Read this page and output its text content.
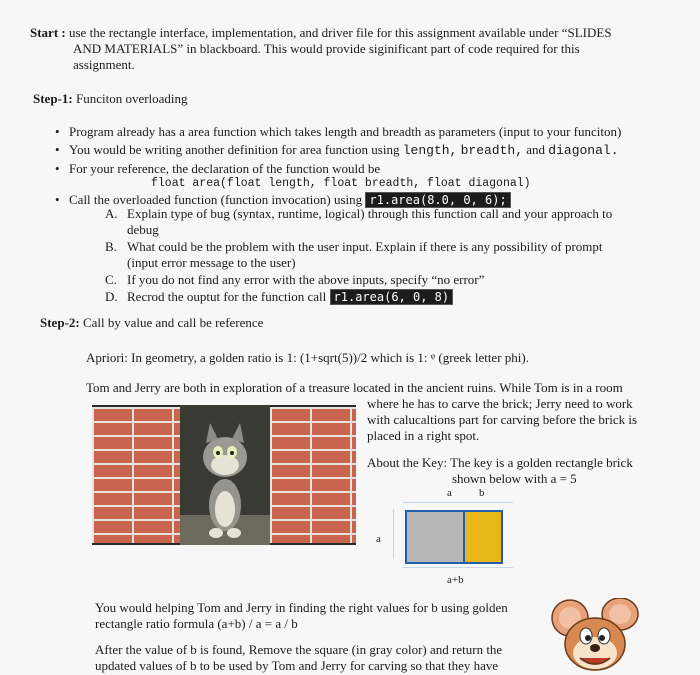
Start : use the rectangle interface, implementation, and driver file for this assignment available under “SLIDES
AND MATERIALS” in blackboard. This would provide siginificant part of code required for this
assignment.
Step-1: Funciton overloading
• Program already has a area function which takes length and breadth as parameters (input to your funciton)
• You would be writing another definition for area function using length, breadth, and diagonal.
• For your reference, the declaration of the function would be
float area(float length, float breadth, float diagonal)
• Call the overloaded function (function invocation) using r1.area(8.0, 0, 6);
A. Explain type of bug (syntax, runtime, logical) through this function call and your approach to
debug
B. What could be the problem with the user input. Explain if there is any possibility of prompt
(input error message to the user)
C. If you do not find any error with the above inputs, specify “no error”
D. Recrod the ouptut for the function call r1.area(6, 0, 8)
Step-2: Call by value and call be reference
Apriori: In geometry, a golden ratio is 1: (1+sqrt(5))/2 which is 1: ᵠ (greek letter phi).
Tom and Jerry are both in exploration of a treasure located in the ancient ruins. While Tom is in a room
where he has to carve the brick; Jerry need to work
with calucaltions part for carving before the brick is
placed in a right spot.
About the Key: The key is a golden rectangle brick
shown below with a = 5
a b
a
a+b
You would helping Tom and Jerry in finding the right values for b using golden
rectangle ratio formula (a+b) / a = a / b
After the value of b is found, Remove the square (in gray color) and return the
updated values of b to be used by Tom and Jerry for carving so that they have
